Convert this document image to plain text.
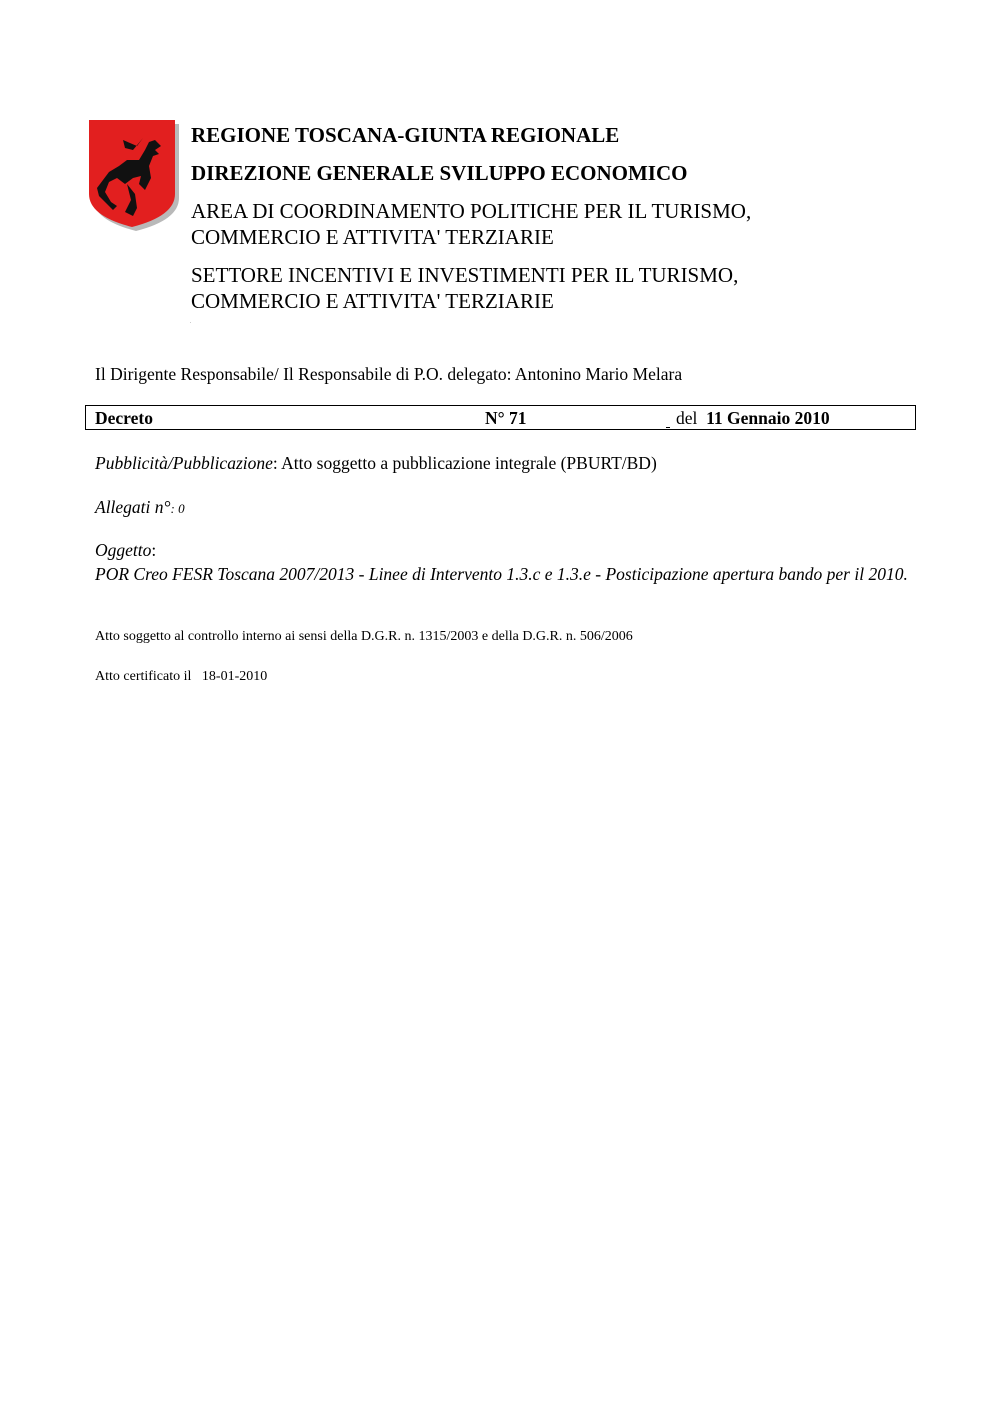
REGIONE TOSCANA-GIUNTA REGIONALE
DIREZIONE GENERALE SVILUPPO ECONOMICO
AREA DI COORDINAMENTO POLITICHE PER IL TURISMO,
COMMERCIO E ATTIVITA' TERZIARIE
SETTORE INCENTIVI E INVESTIMENTI PER IL TURISMO,
COMMERCIO E ATTIVITA' TERZIARIE
Il Dirigente Responsabile/ Il Responsabile di P.O. delegato: Antonino Mario Melara
Decreto	N° 71	del 11 Gennaio 2010
Pubblicità/Pubblicazione: Atto soggetto a pubblicazione integrale (PBURT/BD)
Allegati n°: 0
Oggetto:
POR Creo FESR Toscana 2007/2013 - Linee di Intervento 1.3.c e 1.3.e - Posticipazione apertura bando per il 2010.
Atto soggetto al controllo interno ai sensi della D.G.R. n. 1315/2003 e della D.G.R. n. 506/2006
Atto certificato il   18-01-2010
